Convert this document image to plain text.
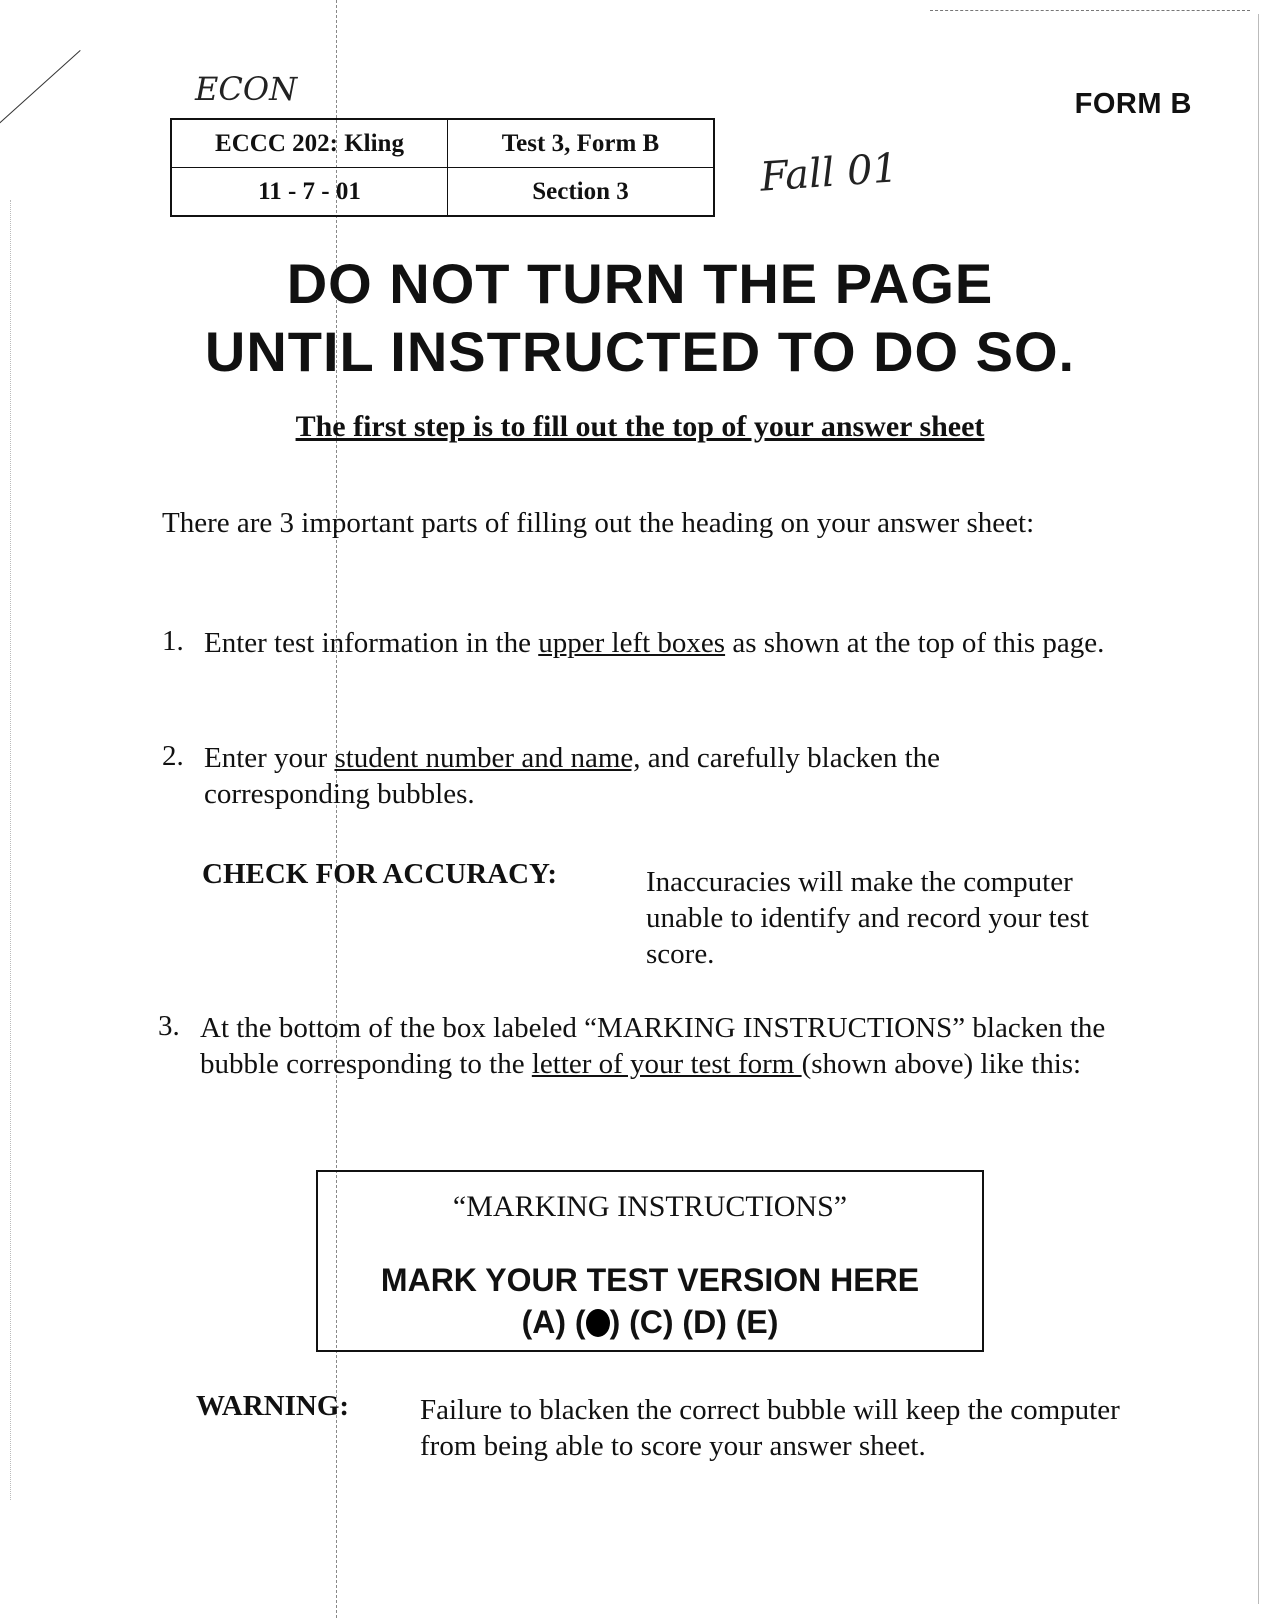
ECON
Fall 01
FORM B
ECCC 202: Kling	Test 3, Form B
11 - 7 - 01	Section 3
DO NOT TURN THE PAGE
UNTIL INSTRUCTED TO DO SO.
The first step is to fill out the top of your answer sheet
There are 3 important parts of filling out the heading on your answer sheet:
1. Enter test information in the upper left boxes as shown at the top of this page.
2. Enter your student number and name, and carefully blacken the corresponding bubbles.
CHECK FOR ACCURACY:	Inaccuracies will make the computer unable to identify and record your test score.
3. At the bottom of the box labeled “MARKING INSTRUCTIONS” blacken the bubble corresponding to the letter of your test form (shown above) like this:
“MARKING INSTRUCTIONS”
MARK YOUR TEST VERSION HERE
(A) ( ) (C) (D) (E)
WARNING: Failure to blacken the correct bubble will keep the computer from being able to score your answer sheet.
